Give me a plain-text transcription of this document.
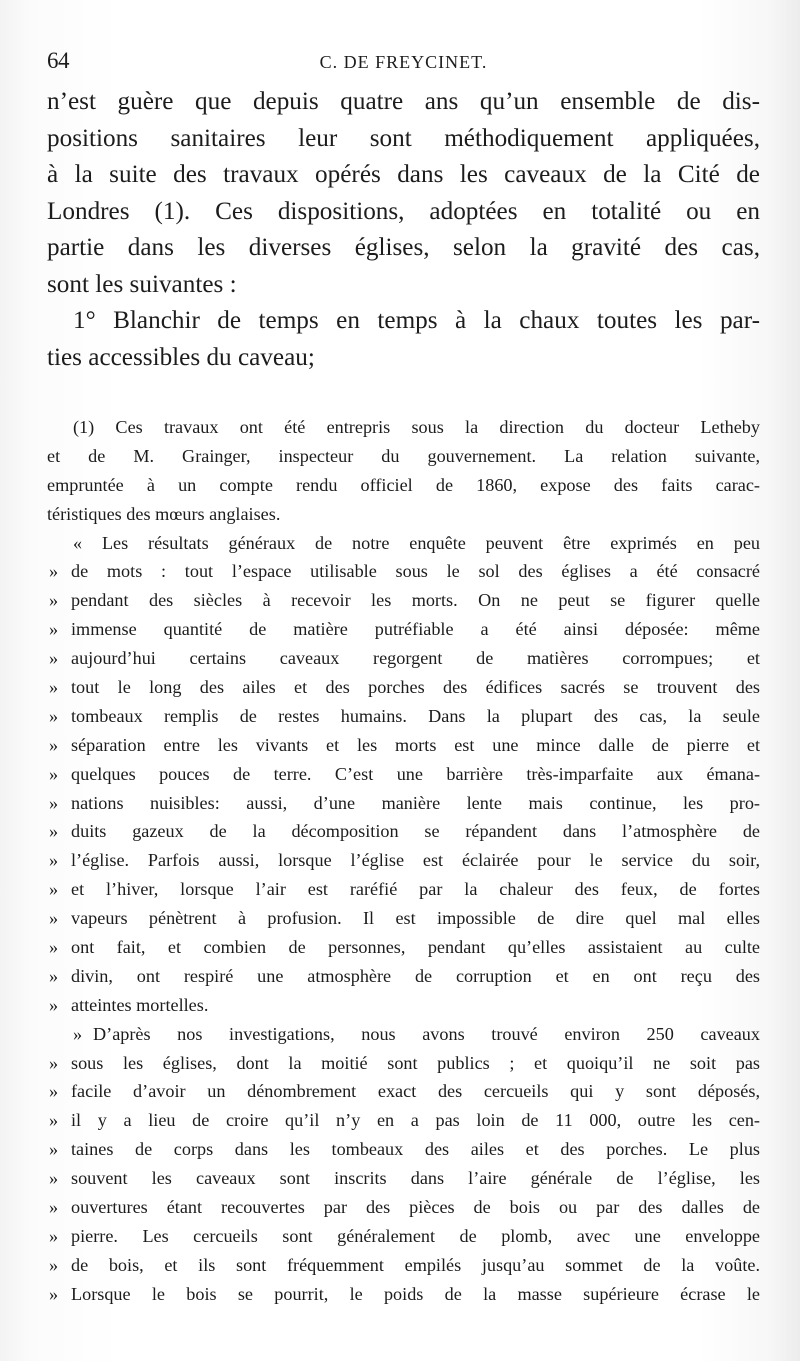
64	C. DE FREYCINET.
n’est guère que depuis quatre ans qu’un ensemble de dis-
positions sanitaires leur sont méthodiquement appliquées,
à la suite des travaux opérés dans les caveaux de la Cité de
Londres (1). Ces dispositions, adoptées en totalité ou en
partie dans les diverses églises, selon la gravité des cas,
sont les suivantes :
1° Blanchir de temps en temps à la chaux toutes les par-
ties accessibles du caveau;
(1) Ces travaux ont été entrepris sous la direction du docteur Letheby
et de M. Grainger, inspecteur du gouvernement. La relation suivante,
empruntée à un compte rendu officiel de 1860, expose des faits carac-
téristiques des mœurs anglaises.
« Les résultats généraux de notre enquête peuvent être exprimés en peu
» de mots : tout l’espace utilisable sous le sol des églises a été consacré
» pendant des siècles à recevoir les morts. On ne peut se figurer quelle
» immense quantité de matière putréfiable a été ainsi déposée: même
» aujourd’hui certains caveaux regorgent de matières corrompues; et
» tout le long des ailes et des porches des édifices sacrés se trouvent des
» tombeaux remplis de restes humains. Dans la plupart des cas, la seule
» séparation entre les vivants et les morts est une mince dalle de pierre et
» quelques pouces de terre. C’est une barrière très-imparfaite aux émana-
» nations nuisibles: aussi, d’une manière lente mais continue, les pro-
» duits gazeux de la décomposition se répandent dans l’atmosphère de
» l’église. Parfois aussi, lorsque l’église est éclairée pour le service du soir,
» et l’hiver, lorsque l’air est raréfié par la chaleur des feux, de fortes
» vapeurs pénètrent à profusion. Il est impossible de dire quel mal elles
» ont fait, et combien de personnes, pendant qu’elles assistaient au culte
» divin, ont respiré une atmosphère de corruption et en ont reçu des
» atteintes mortelles.
» D’après nos investigations, nous avons trouvé environ 250 caveaux
» sous les églises, dont la moitié sont publics ; et quoiqu’il ne soit pas
» facile d’avoir un dénombrement exact des cercueils qui y sont déposés,
» il y a lieu de croire qu’il n’y en a pas loin de 11 000, outre les cen-
» taines de corps dans les tombeaux des ailes et des porches. Le plus
» souvent les caveaux sont inscrits dans l’aire générale de l’église, les
» ouvertures étant recouvertes par des pièces de bois ou par des dalles de
» pierre. Les cercueils sont généralement de plomb, avec une enveloppe
» de bois, et ils sont fréquemment empilés jusqu’au sommet de la voûte.
» Lorsque le bois se pourrit, le poids de la masse supérieure écrase le
